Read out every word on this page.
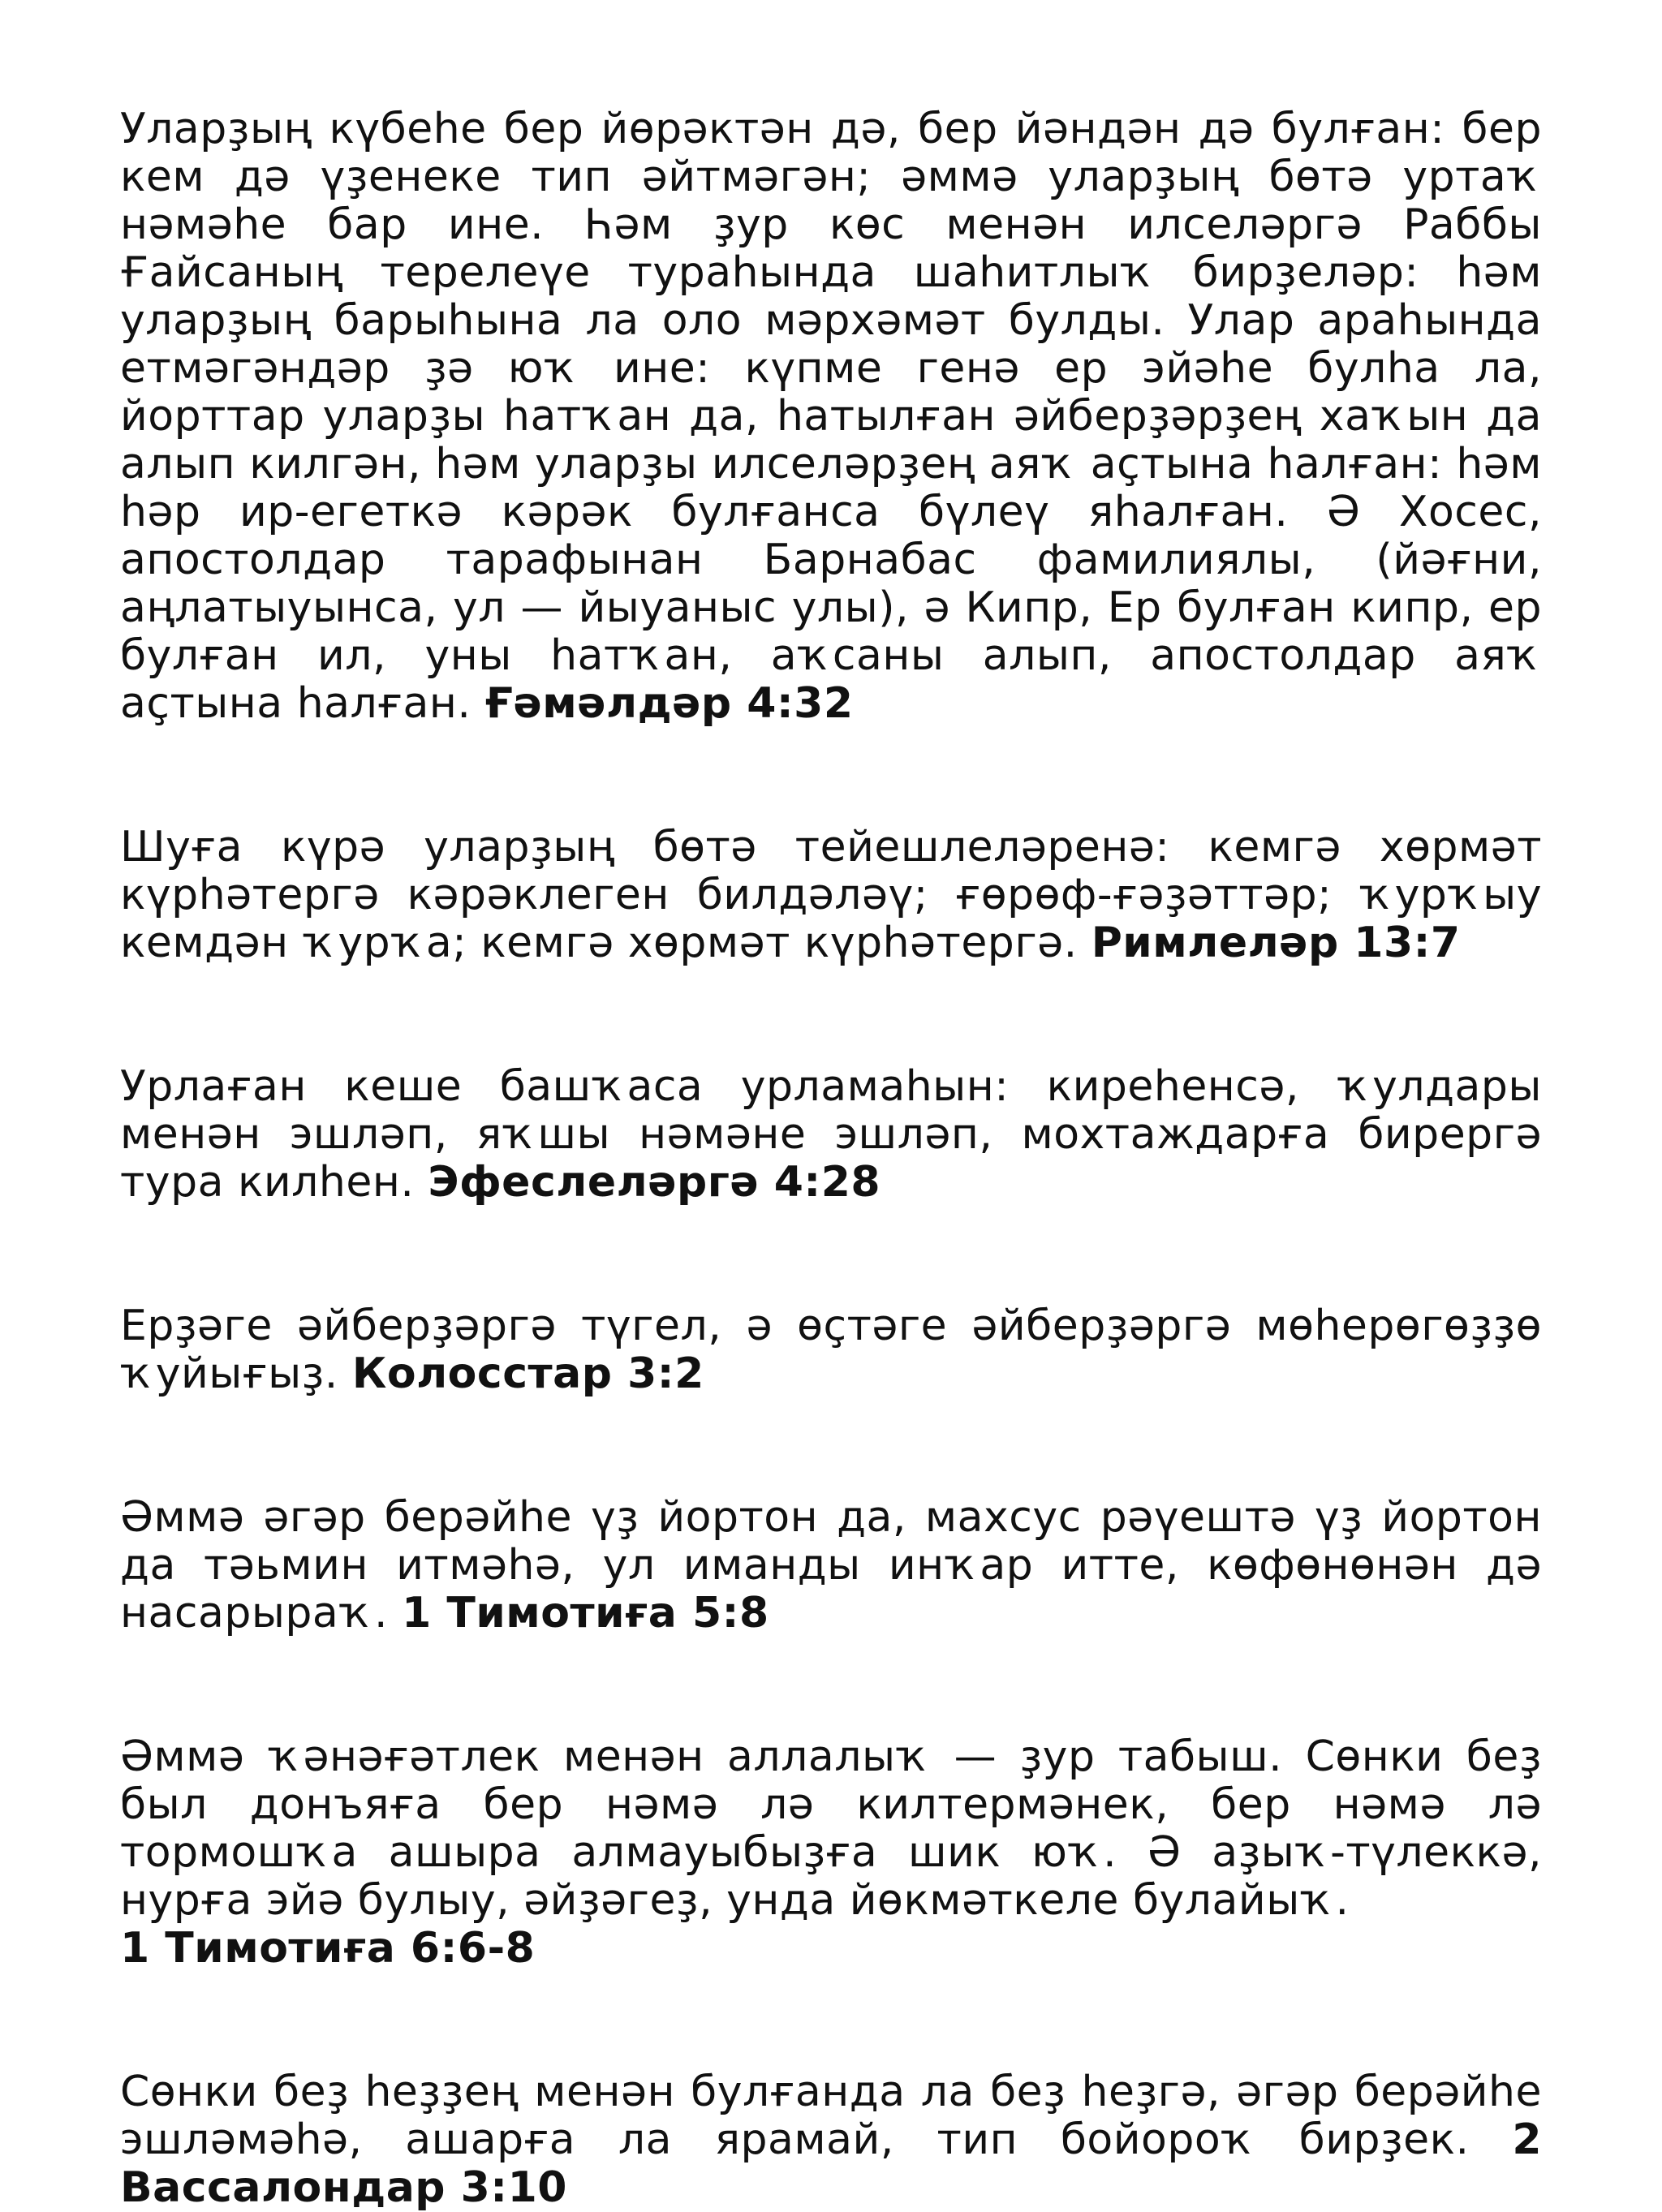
Уларҙың күбеһе бер йөрәктән дә, бер йәндән дә булған: бер кем дә үҙенеке тип әйтмәгән; әммә уларҙың бөтә уртаҡ нәмәһе бар ине. Һәм ҙур көс менән илселәргә Раббы Ғайсаның терелеүе тураһында шаһитлыҡ бирҙеләр: һәм уларҙың барыһына ла оло мәрхәмәт булды. Улар араһында етмәгәндәр ҙә юҡ ине: күпме генә ер эйәһе булһа ла, йорттар уларҙы һатҡан да, һатылған әйберҙәрҙең хаҡын да алып килгән, һәм уларҙы илселәрҙең аяҡ аҫтына һалған: һәм һәр ир-егеткә кәрәк булғанса бүлеү яһалған. Ә Хосес, апостолдар тарафынан Барнабас фамилиялы, (йәғни, аңлатыуынса, ул — йыуаныс улы), ә Кипр, Ер булған кипр, ер булған ил, уны һатҡан, аҡсаны алып, апостолдар аяҡ аҫтына һалған. Ғәмәлдәр 4:32

Шуға күрә уларҙың бөтә тейешлеләренә: кемгә хөрмәт күрһәтергә кәрәклеген билдәләү; ғөрөф-ғәҙәттәр; ҡурҡыу кемдән ҡурҡа; кемгә хөрмәт күрһәтергә. Римлеләр 13:7

Урлаған кеше башҡаса урламаһын: киреһенсә, ҡулдары менән эшләп, яҡшы нәмәне эшләп, мохтаждарға бирергә тура килһен. Эфеслеләргә 4:28

Ерҙәге әйберҙәргә түгел, ә өҫтәге әйберҙәргә мөһерөгөҙҙө ҡуйығыҙ. Колосстар 3:2

Әммә әгәр берәйһе үҙ йортон да, махсус рәүештә үҙ йортон да тәьмин итмәһә, ул иманды инҡар итте, көфөнөнән дә насарыраҡ. 1 Тимотиға 5:8

Әммә ҡәнәғәтлек менән аллалыҡ — ҙур табыш. Сөнки беҙ был донъяға бер нәмә лә килтермәнек, бер нәмә лә тормошҡа ашыра алмауыбыҙға шик юҡ. Ә аҙыҡ-түлеккә, нурға эйә булыу, әйҙәгеҙ, унда йөкмәткеле булайыҡ.
1 Тимотиға 6:6-8

Сөнки беҙ һеҙҙең менән булғанда ла беҙ һеҙгә, әгәр берәйһе эшләмәһә, ашарға ла ярамай, тип бойороҡ бирҙек. 2 Вассалондар 3:10
